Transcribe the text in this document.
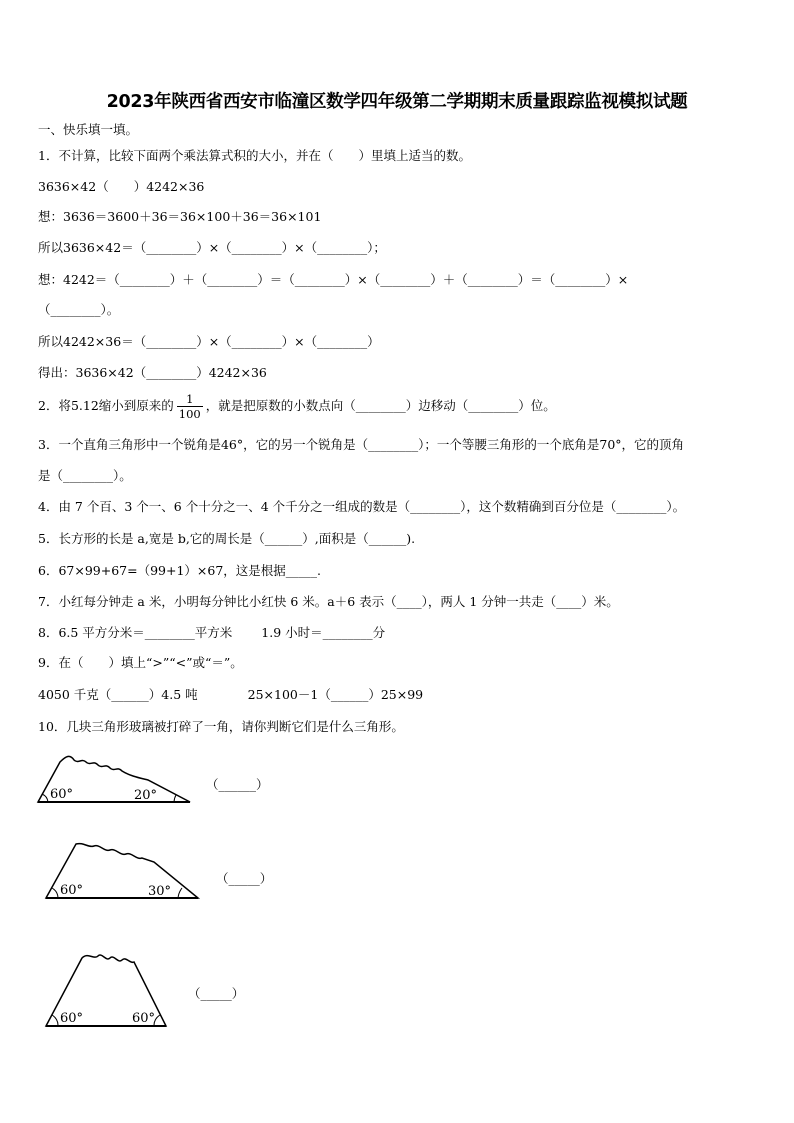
2023年陕西省西安市临潼区数学四年级第二学期期末质量跟踪监视模拟试题
一、快乐填一填。
1．不计算，比较下面两个乘法算式积的大小，并在（　　）里填上适当的数。
3636×42（　　）4242×36
想：3636＝3600＋36＝36×100＋36＝36×101
所以3636×42＝（________）×（________）×（________）；
想：4242＝（________）＋（________）＝（________）×（________）＋（________）＝（________）×
（________）。
所以4242×36＝（________）×（________）×（________）
得出：3636×42（________）4242×36
2．将5.12缩小到原来的 $\frac{1}{100}$ ，就是把原数的小数点向（________）边移动（________）位。
3．一个直角三角形中一个锐角是46°，它的另一个锐角是（________）；一个等腰三角形的一个底角是70°，它的顶角
是（________）。
4．由 7 个百、3 个一、6 个十分之一、4 个千分之一组成的数是（________），这个数精确到百分位是（________）。
5．长方形的长是 a,宽是 b,它的周长是（______）,面积是（______).
6．67×99+67=（99+1）×67，这是根据_____.
7．小红每分钟走 a 米，小明每分钟比小红快 6 米。a＋6 表示（____），两人 1 分钟一共走（____）米。
8．6.5 平方分米＝________平方米　　 1.9 小时＝________分
9．在（　　）填上“>”“<”或“＝”。
4050 千克（______）4.5 吨　　　　25×100－1（______）25×99
10．几块三角形玻璃被打碎了一角，请你判断它们是什么三角形。
60°	20°
（______）
60°	30°
（_____）
60°	60°
（_____）
